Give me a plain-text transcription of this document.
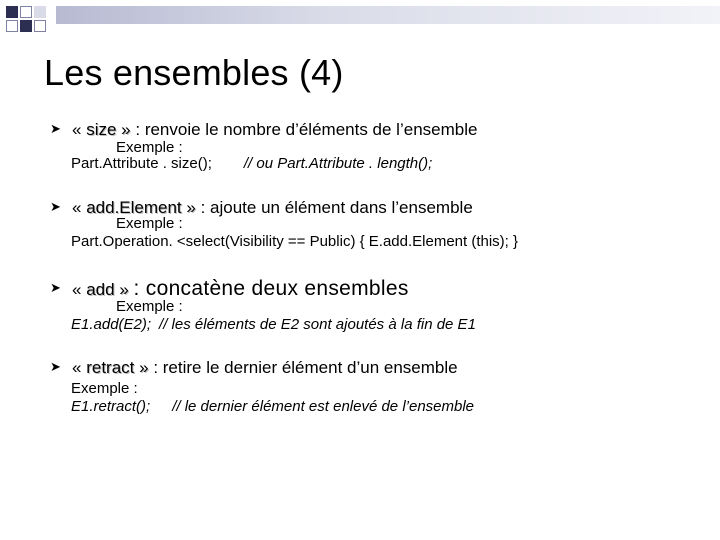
Les ensembles (4)
➤ « size » : renvoie le nombre d’éléments de l’ensemble
Exemple :
Part.Attribute . size(); // ou Part.Attribute . length();
➤ « add.Element » : ajoute un élément dans l’ensemble
Exemple :
Part.Operation. <select(Visibility == Public) { E.add.Element (this); }
➤ « add » : concatène deux ensembles
Exemple :
E1.add(E2); // les éléments de E2 sont ajoutés à la fin de E1
➤ « retract » : retire le dernier élément d’un ensemble
Exemple :
E1.retract(); // le dernier élément est enlevé de l’ensemble
